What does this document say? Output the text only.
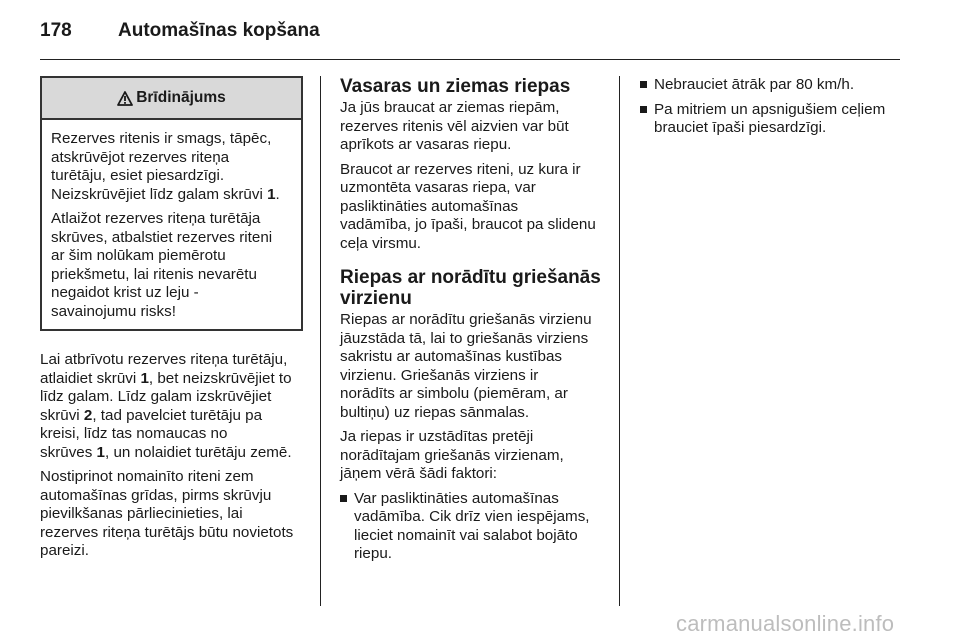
178 Automašīnas kopšana
Brīdinājums

Rezerves ritenis ir smags, tāpēc,
atskrūvējot rezerves riteņa
turētāju, esiet piesardzīgi.
Neizskrūvējiet līdz galam skrūvi 1.

Atlaižot rezerves riteņa turētāja
skrūves, atbalstiet rezerves riteni
ar šim nolūkam piemērotu
priekšmetu, lai ritenis nevarētu
negaidot krist uz leju -
savainojumu risks!

Lai atbrīvotu rezerves riteņa turētāju,
atlaidiet skrūvi 1, bet neizskrūvējiet to
līdz galam. Līdz galam izskrūvējiet
skrūvi 2, tad pavelciet turētāju pa
kreisi, līdz tas nomaucas no
skrūves 1, un nolaidiet turētāju zemē.

Nostiprinot nomainīto riteni zem
automašīnas grīdas, pirms skrūvju
pievilkšanas pārliecinieties, lai
rezerves riteņa turētājs būtu novietots
pareizi.

Vasaras un ziemas riepas

Ja jūs braucat ar ziemas riepām,
rezerves ritenis vēl aizvien var būt
aprīkots ar vasaras riepu.

Braucot ar rezerves riteni, uz kura ir
uzmontēta vasaras riepa, var
pasliktināties automašīnas
vadāmība, jo īpaši, braucot pa slidenu
ceļa virsmu.

Riepas ar norādītu griešanās
virzienu

Riepas ar norādītu griešanās virzienu
jāuzstāda tā, lai to griešanās virziens
sakristu ar automašīnas kustības
virzienu. Griešanās virziens ir
norādīts ar simbolu (piemēram, ar
bultiņu) uz riepas sānmalas.

Ja riepas ir uzstādītas pretēji
norādītajam griešanās virzienam,
jāņem vērā šādi faktori:

Var pasliktināties automašīnas
vadāmība. Cik drīz vien iespējams,
lieciet nomainīt vai salabot bojāto
riepu.
Nebrauciet ātrāk par 80 km/h.
Pa mitriem un apsnigušiem ceļiem
brauciet īpaši piesardzīgi.
carmanualsonline.info
